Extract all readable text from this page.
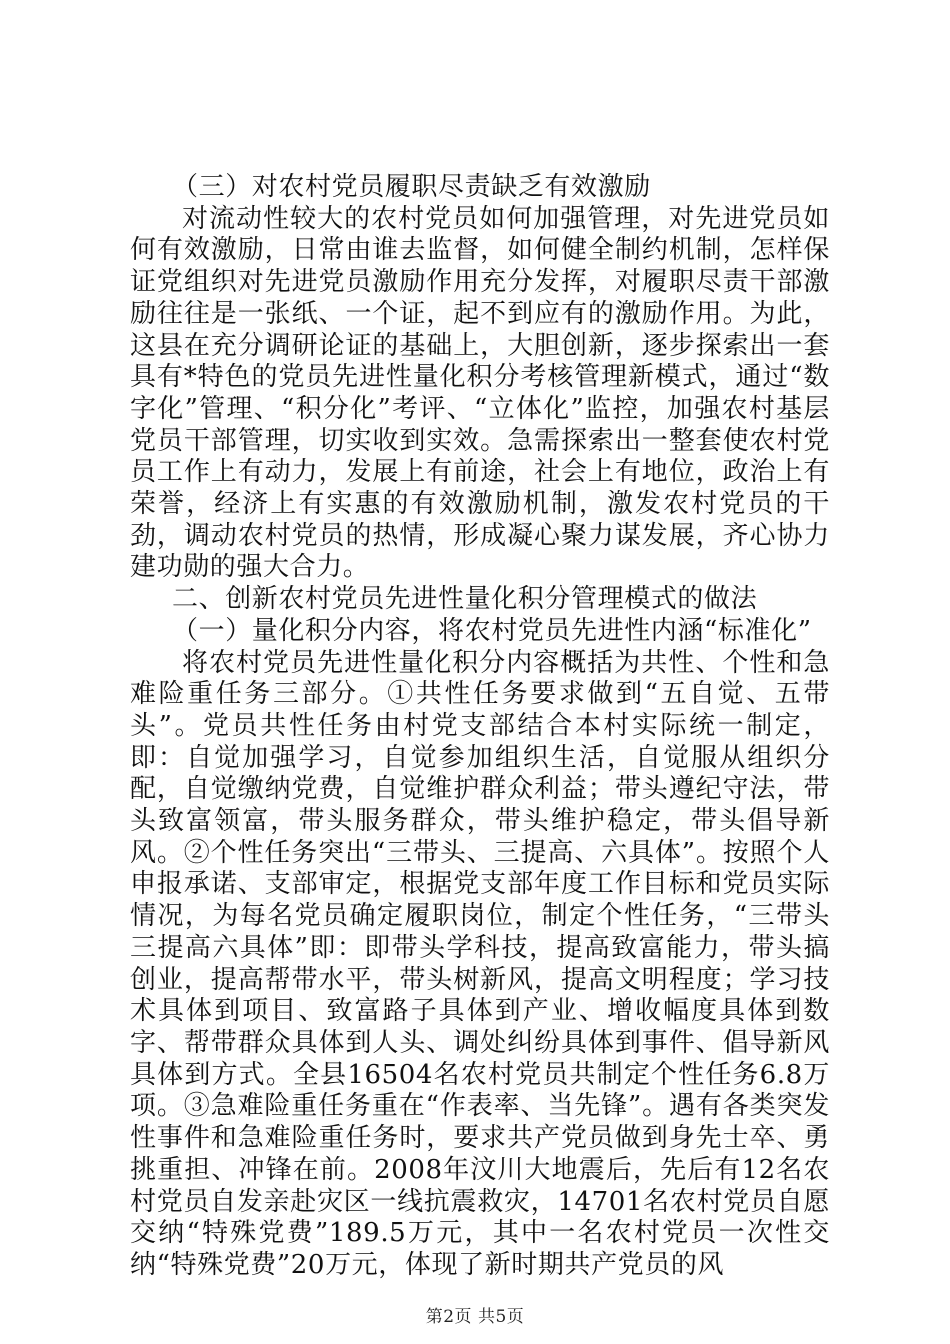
（三）对农村党员履职尽责缺乏有效激励

对流动性较大的农村党员如何加强管理，对先进党员如何有效激励，日常由谁去监督，如何健全制约机制，怎样保证党组织对先进党员激励作用充分发挥，对履职尽责干部激励往往是一张纸、一个证，起不到应有的激励作用。为此，这县在充分调研论证的基础上，大胆创新，逐步探索出一套具有*特色的党员先进性量化积分考核管理新模式，通过“数字化”管理、“积分化”考评、“立体化”监控，加强农村基层党员干部管理，切实收到实效。急需探索出一整套使农村党员工作上有动力，发展上有前途，社会上有地位，政治上有荣誉，经济上有实惠的有效激励机制，激发农村党员的干劲，调动农村党员的热情，形成凝心聚力谋发展，齐心协力建功勋的强大合力。

二、创新农村党员先进性量化积分管理模式的做法

（一）量化积分内容，将农村党员先进性内涵“标准化”

将农村党员先进性量化积分内容概括为共性、个性和急难险重任务三部分。①共性任务要求做到“五自觉、五带头”。党员共性任务由村党支部结合本村实际统一制定，即：自觉加强学习，自觉参加组织生活，自觉服从组织分配，自觉缴纳党费，自觉维护群众利益；带头遵纪守法，带头致富领富，带头服务群众，带头维护稳定，带头倡导新风。②个性任务突出“三带头、三提高、六具体”。按照个人申报承诺、支部审定，根据党支部年度工作目标和党员实际情况，为每名党员确定履职岗位，制定个性任务，“三带头三提高六具体”即：即带头学科技，提高致富能力，带头搞创业，提高帮带水平，带头树新风，提高文明程度；学习技术具体到项目、致富路子具体到产业、增收幅度具体到数字、帮带群众具体到人头、调处纠纷具体到事件、倡导新风具体到方式。全县16504名农村党员共制定个性任务6.8万项。③急难险重任务重在“作表率、当先锋”。遇有各类突发性事件和急难险重任务时，要求共产党员做到身先士卒、勇挑重担、冲锋在前。2008年汶川大地震后，先后有12名农村党员自发亲赴灾区一线抗震救灾，14701名农村党员自愿交纳“特殊党费”189.5万元，其中一名农村党员一次性交纳“特殊党费”20万元，体现了新时期共产党员的风

第2页 共5页
